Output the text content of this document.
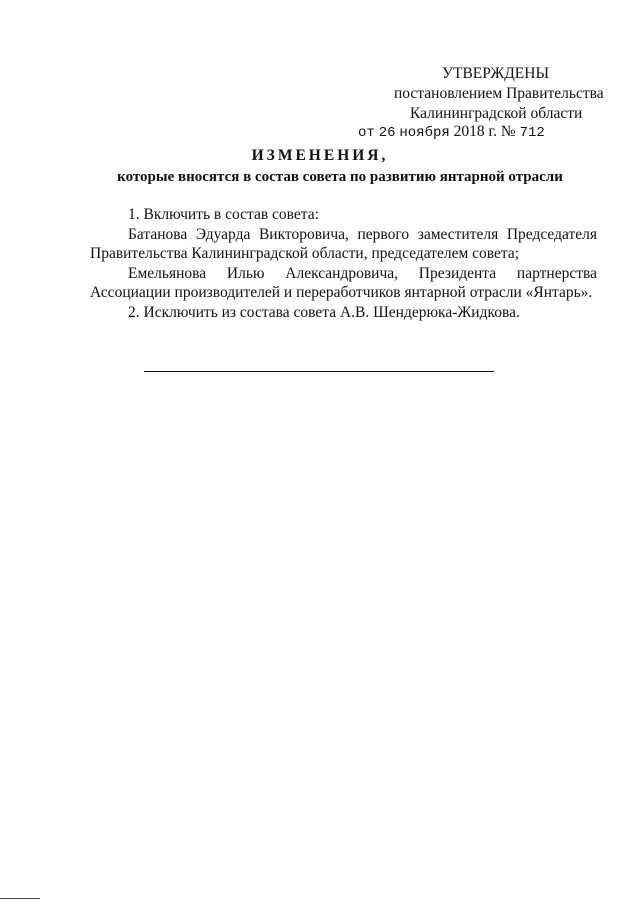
УТВЕРЖДЕНЫ
постановлением Правительства
Калининградской области
от 26 ноября 2018 г. № 712
ИЗМЕНЕНИЯ,
которые вносятся в состав совета по развитию янтарной отрасли

1. Включить в состав совета:

Батанова Эдуарда Викторовича, первого заместителя Председателя

Правительства Калининградской области, председателем совета;

Емельянова Илью Александровича, Президента партнерства

Ассоциации производителей и переработчиков янтарной отрасли «Янтарь».

2. Исключить из состава совета А.В. Шендерюка-Жидкова.
